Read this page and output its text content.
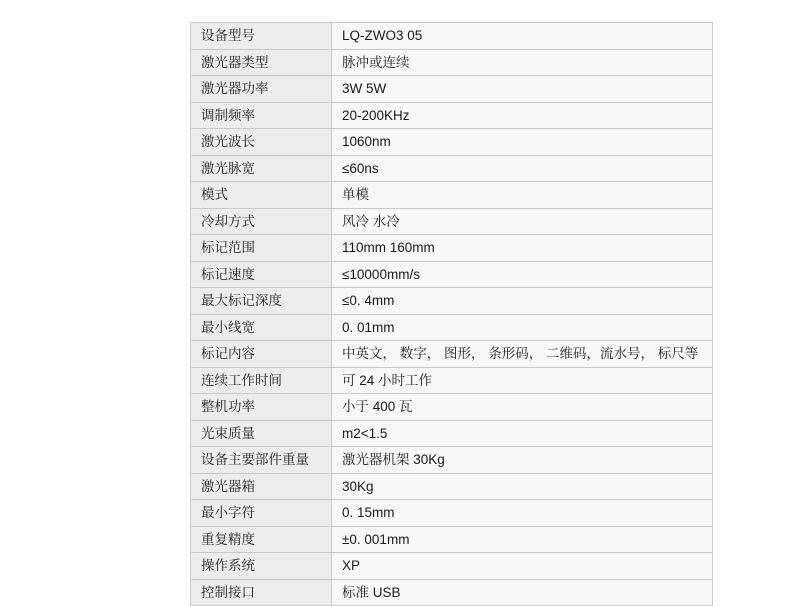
设备型号	LQ-ZWO3 05
激光器类型	脉冲或连续
激光器功率	3W 5W
调制频率	20-200KHz
激光波长	1060nm
激光脉宽	≤60ns
模式	单模
冷却方式	风冷 水冷
标记范围	110mm 160mm
标记速度	≤10000mm/s
最大标记深度	≤0. 4mm
最小线宽	0. 01mm
标记内容	中英文， 数字， 图形， 条形码， 二维码，流水号， 标尺等
连续工作时间	可 24 小时工作
整机功率	小于 400 瓦
光束质量	m2<1.5
设备主要部件重量	激光器机架 30Kg
激光器箱	30Kg
最小字符	0. 15mm
重复精度	±0. 001mm
操作系统	XP
控制接口	标准 USB
